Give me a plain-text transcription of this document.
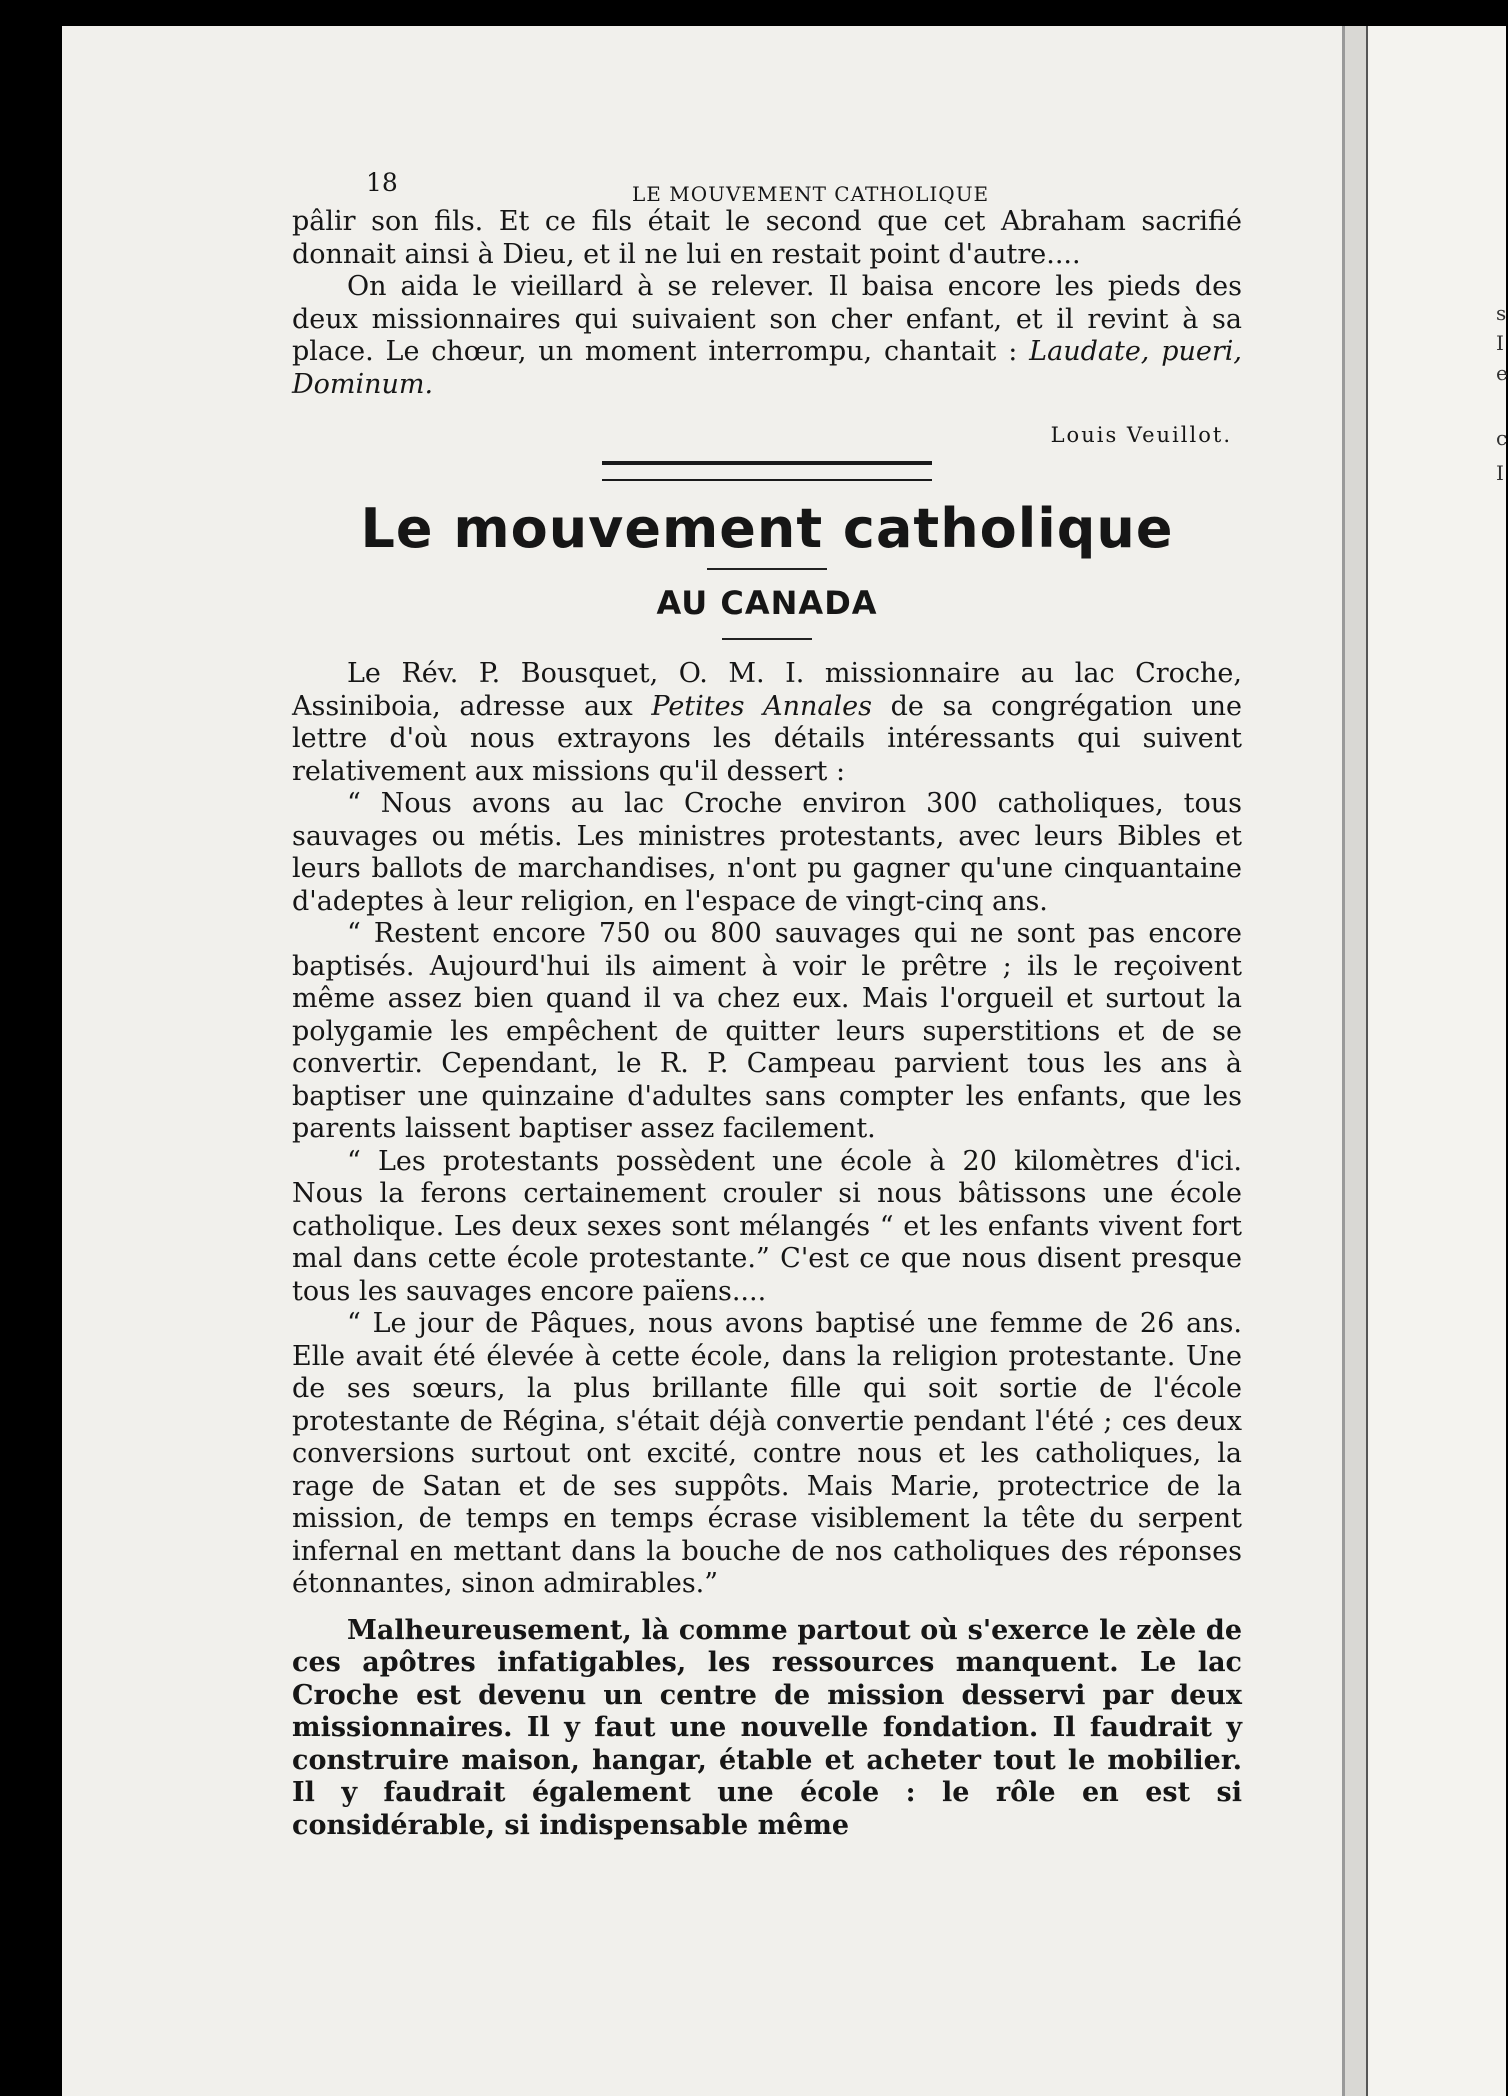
18	LE MOUVEMENT CATHOLIQUE

pâlir son fils. Et ce fils était le second que cet Abraham sacrifié donnait ainsi à Dieu, et il ne lui en restait point d'autre....

On aida le vieillard à se relever. Il baisa encore les pieds des deux missionnaires qui suivaient son cher enfant, et il revint à sa place. Le chœur, un moment interrompu, chantait : Laudate, pueri, Dominum.

Louis Veuillot.
Le mouvement catholique
AU CANADA

Le Rév. P. Bousquet, O. M. I. missionnaire au lac Croche, Assiniboia, adresse aux Petites Annales de sa congrégation une lettre d'où nous extrayons les détails intéressants qui suivent relativement aux missions qu'il dessert :

“ Nous avons au lac Croche environ 300 catholiques, tous sauvages ou métis. Les ministres protestants, avec leurs Bibles et leurs ballots de marchandises, n'ont pu gagner qu'une cinquantaine d'adeptes à leur religion, en l'espace de vingt-cinq ans.

“ Restent encore 750 ou 800 sauvages qui ne sont pas encore baptisés. Aujourd'hui ils aiment à voir le prêtre ; ils le reçoivent même assez bien quand il va chez eux. Mais l'orgueil et surtout la polygamie les empêchent de quitter leurs superstitions et de se convertir. Cependant, le R. P. Campeau parvient tous les ans à baptiser une quinzaine d'adultes sans compter les enfants, que les parents laissent baptiser assez facilement.

“ Les protestants possèdent une école à 20 kilomètres d'ici. Nous la ferons certainement crouler si nous bâtissons une école catholique. Les deux sexes sont mélangés “ et les enfants vivent fort mal dans cette école protestante.” C'est ce que nous disent presque tous les sauvages encore païens....

“ Le jour de Pâques, nous avons baptisé une femme de 26 ans. Elle avait été élevée à cette école, dans la religion protestante. Une de ses sœurs, la plus brillante fille qui soit sortie de l'école protestante de Régina, s'était déjà convertie pendant l'été ; ces deux conversions surtout ont excité, contre nous et les catholiques, la rage de Satan et de ses suppôts. Mais Marie, protectrice de la mission, de temps en temps écrase visiblement la tête du serpent infernal en mettant dans la bouche de nos catholiques des réponses étonnantes, sinon admirables.”

Malheureusement, là comme partout où s'exerce le zèle de ces apôtres infatigables, les ressources manquent. Le lac Croche est devenu un centre de mission desservi par deux missionnaires. Il y faut une nouvelle fondation. Il faudrait y construire maison, hangar, étable et acheter tout le mobilier. Il y faudrait également une école : le rôle en est si considérable, si indispensable même

s
I
e
c
I
